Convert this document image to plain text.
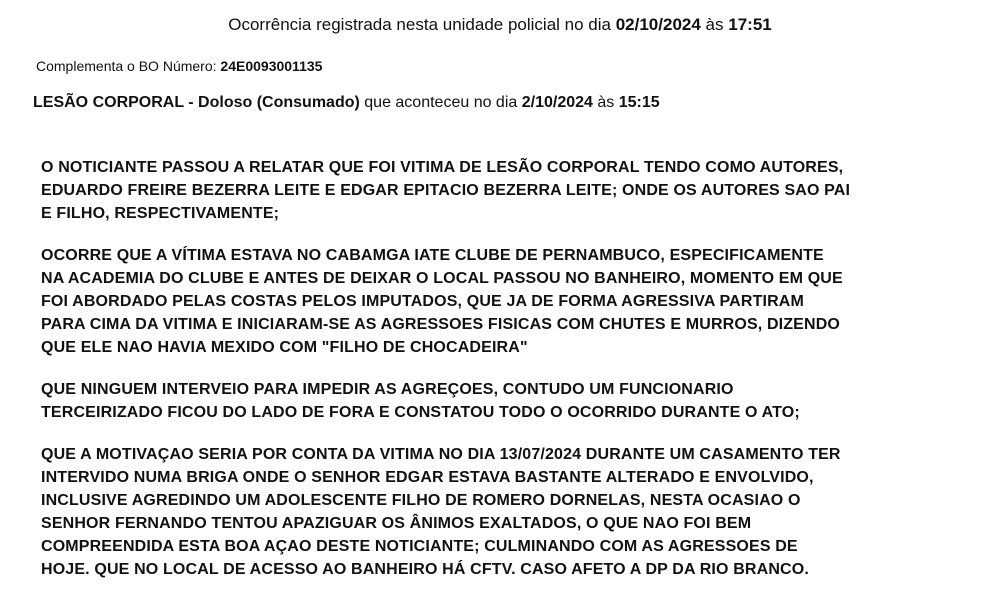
Ocorrência registrada nesta unidade policial no dia 02/10/2024 às 17:51
Complementa o BO Número: 24E0093001135
LESÃO CORPORAL - Doloso (Consumado) que aconteceu no dia 2/10/2024 às 15:15

O NOTICIANTE PASSOU A RELATAR QUE FOI VITIMA DE LESÃO CORPORAL TENDO COMO AUTORES,
EDUARDO FREIRE BEZERRA LEITE E EDGAR EPITACIO BEZERRA LEITE; ONDE OS AUTORES SAO PAI
E FILHO, RESPECTIVAMENTE;

OCORRE QUE A VÍTIMA ESTAVA NO CABAMGA IATE CLUBE DE PERNAMBUCO, ESPECIFICAMENTE
NA ACADEMIA DO CLUBE E ANTES DE DEIXAR O LOCAL PASSOU NO BANHEIRO, MOMENTO EM QUE
FOI ABORDADO PELAS COSTAS PELOS IMPUTADOS, QUE JA DE FORMA AGRESSIVA PARTIRAM
PARA CIMA DA VITIMA E INICIARAM-SE AS AGRESSOES FISICAS COM CHUTES E MURROS, DIZENDO
QUE ELE NAO HAVIA MEXIDO COM "FILHO DE CHOCADEIRA"

QUE NINGUEM INTERVEIO PARA IMPEDIR AS AGREÇOES, CONTUDO UM FUNCIONARIO
TERCEIRIZADO FICOU DO LADO DE FORA E CONSTATOU TODO O OCORRIDO DURANTE O ATO;

QUE A MOTIVAÇAO SERIA POR CONTA DA VITIMA NO DIA 13/07/2024 DURANTE UM CASAMENTO TER
INTERVIDO NUMA BRIGA ONDE O SENHOR EDGAR ESTAVA BASTANTE ALTERADO E ENVOLVIDO,
INCLUSIVE AGREDINDO UM ADOLESCENTE FILHO DE ROMERO DORNELAS, NESTA OCASIAO O
SENHOR FERNANDO TENTOU APAZIGUAR OS ÂNIMOS EXALTADOS, O QUE NAO FOI BEM
COMPREENDIDA ESTA BOA AÇAO DESTE NOTICIANTE; CULMINANDO COM AS AGRESSOES DE
HOJE. QUE NO LOCAL DE ACESSO AO BANHEIRO HÁ CFTV. CASO AFETO A DP DA RIO BRANCO.
